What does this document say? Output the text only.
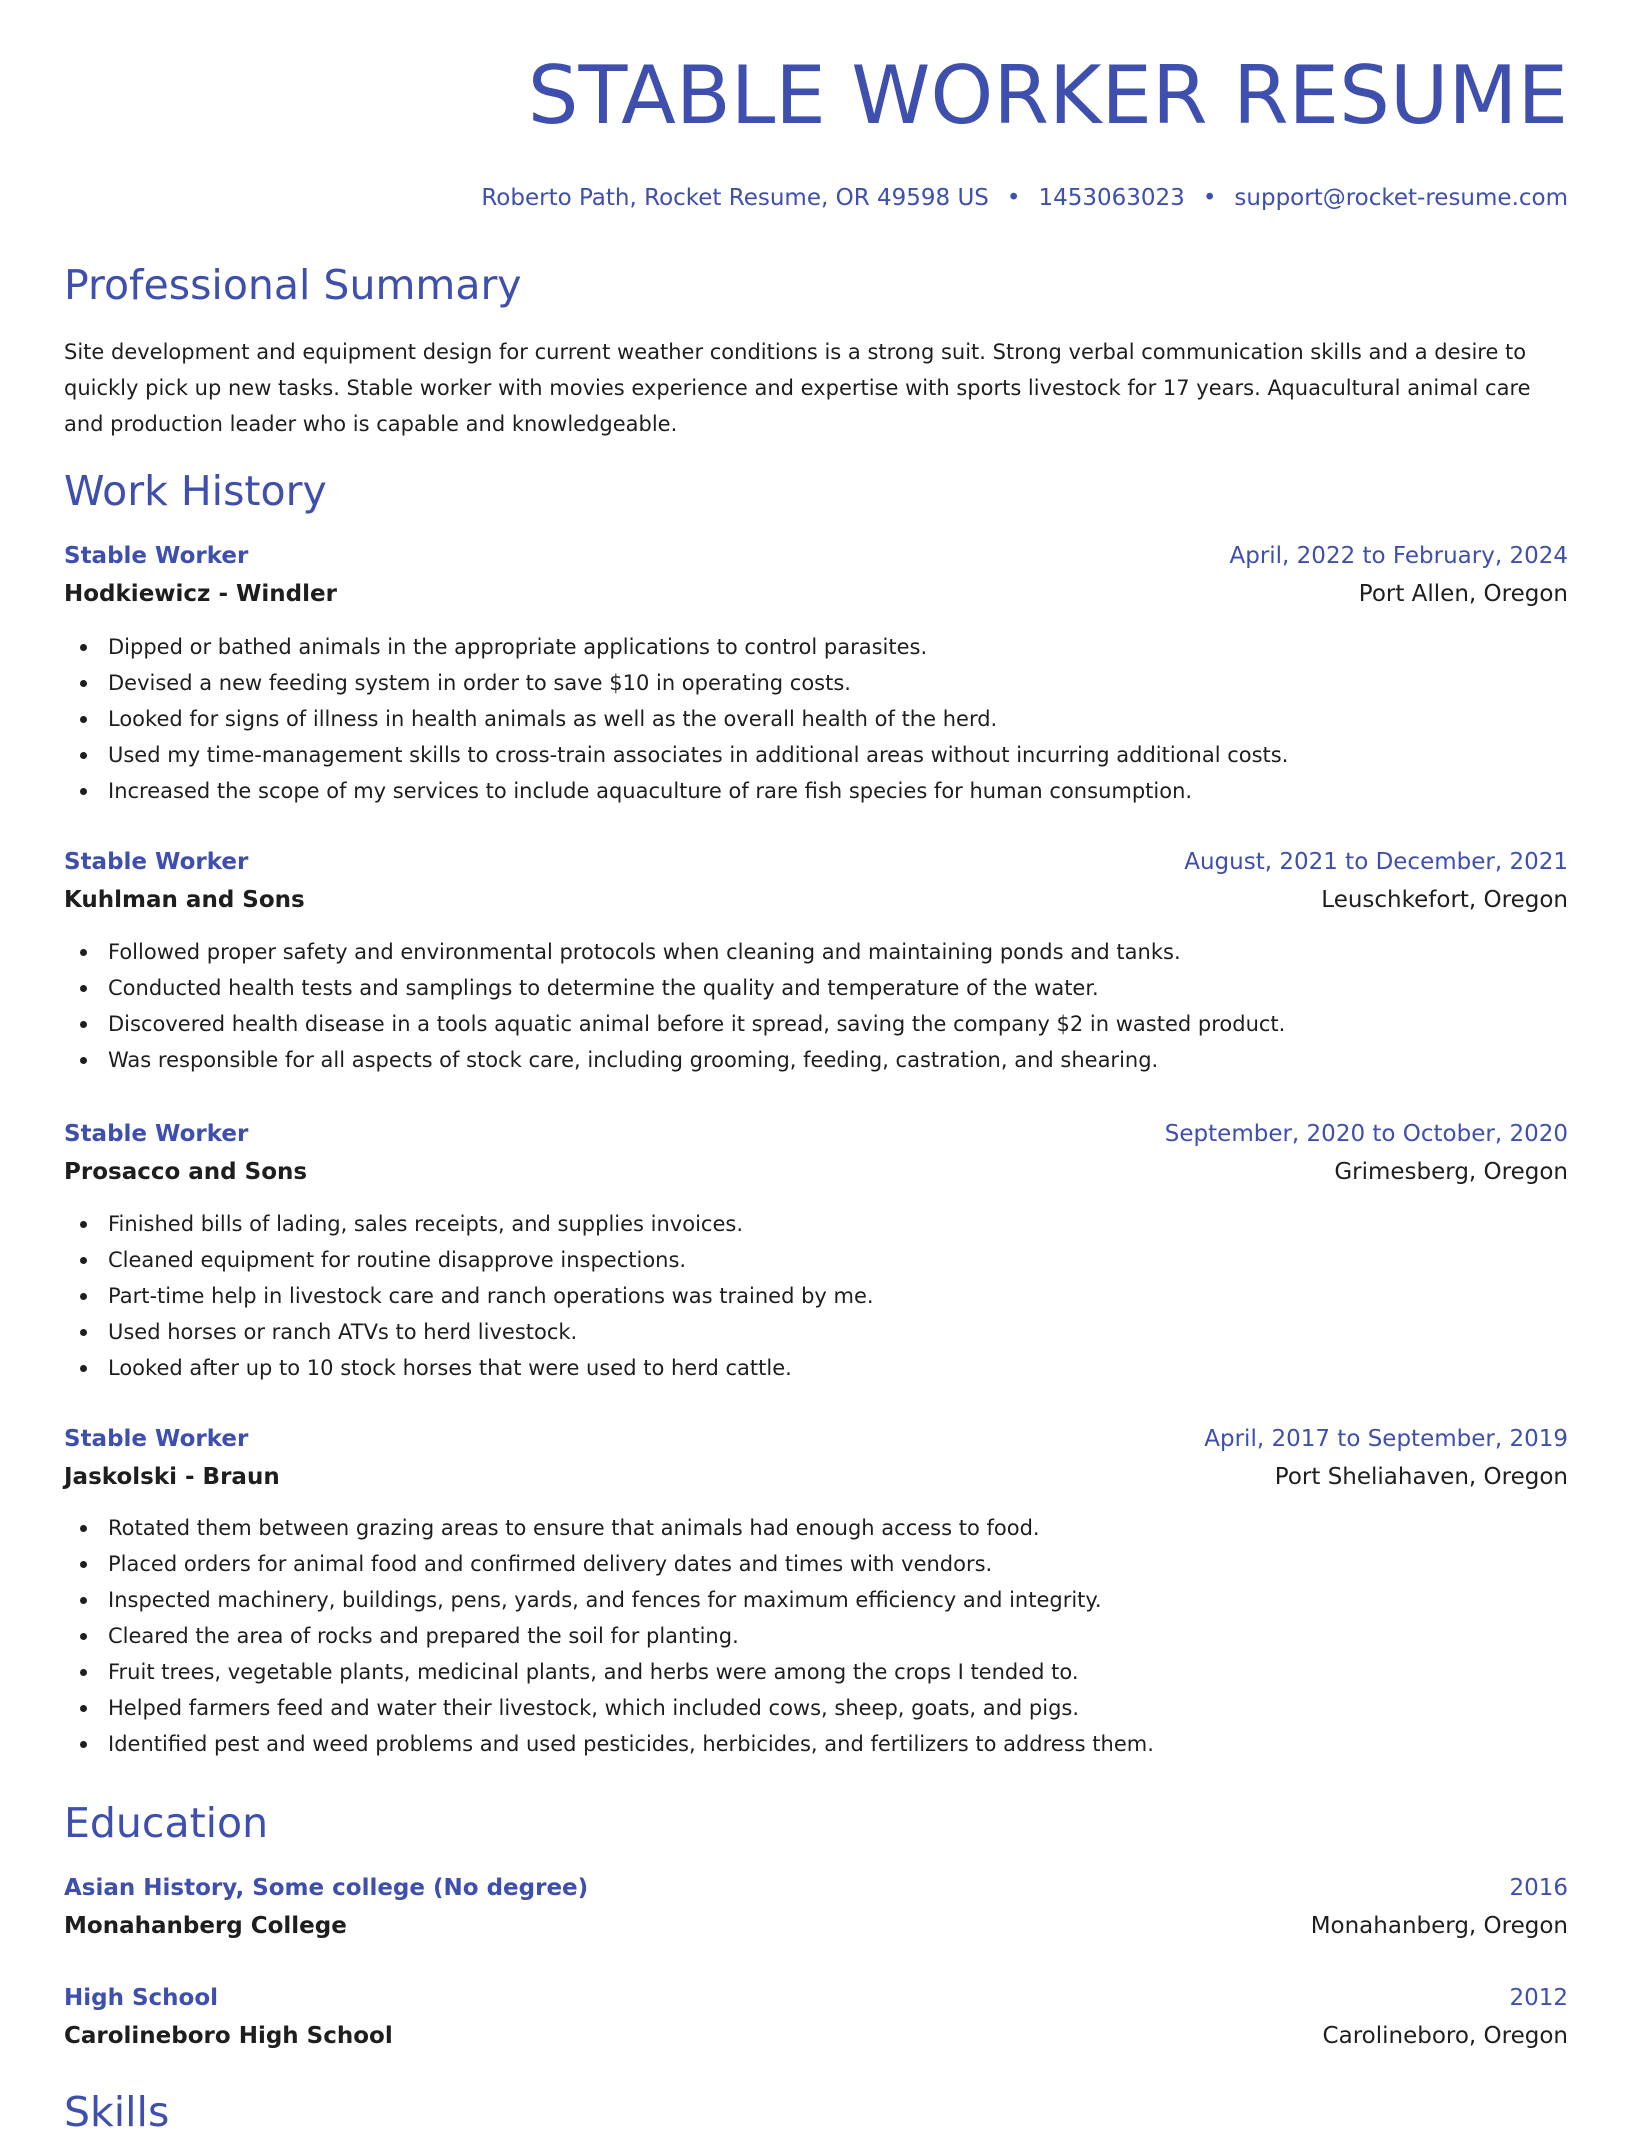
STABLE WORKER RESUME
Roberto Path, Rocket Resume, OR 49598 US • 1453063023 • support@rocket-resume.com
Professional Summary

Site development and equipment design for current weather conditions is a strong suit. Strong verbal communication skills and a desire to quickly pick up new tasks. Stable worker with movies experience and expertise with sports livestock for 17 years. Aquacultural animal care and production leader who is capable and knowledgeable.

Work History
Stable Worker	April, 2022 to February, 2024
Hodkiewicz - Windler	Port Allen, Oregon
Dipped or bathed animals in the appropriate applications to control parasites.
Devised a new feeding system in order to save $10 in operating costs.
Looked for signs of illness in health animals as well as the overall health of the herd.
Used my time-management skills to cross-train associates in additional areas without incurring additional costs.
Increased the scope of my services to include aquaculture of rare fish species for human consumption.
Stable Worker	August, 2021 to December, 2021
Kuhlman and Sons	Leuschkefort, Oregon
Followed proper safety and environmental protocols when cleaning and maintaining ponds and tanks.
Conducted health tests and samplings to determine the quality and temperature of the water.
Discovered health disease in a tools aquatic animal before it spread, saving the company $2 in wasted product.
Was responsible for all aspects of stock care, including grooming, feeding, castration, and shearing.
Stable Worker	September, 2020 to October, 2020
Prosacco and Sons	Grimesberg, Oregon
Finished bills of lading, sales receipts, and supplies invoices.
Cleaned equipment for routine disapprove inspections.
Part-time help in livestock care and ranch operations was trained by me.
Used horses or ranch ATVs to herd livestock.
Looked after up to 10 stock horses that were used to herd cattle.
Stable Worker	April, 2017 to September, 2019
Jaskolski - Braun	Port Sheliahaven, Oregon
Rotated them between grazing areas to ensure that animals had enough access to food.
Placed orders for animal food and confirmed delivery dates and times with vendors.
Inspected machinery, buildings, pens, yards, and fences for maximum efficiency and integrity.
Cleared the area of rocks and prepared the soil for planting.
Fruit trees, vegetable plants, medicinal plants, and herbs were among the crops I tended to.
Helped farmers feed and water their livestock, which included cows, sheep, goats, and pigs.
Identified pest and weed problems and used pesticides, herbicides, and fertilizers to address them.
Education
Asian History, Some college (No degree)	2016
Monahanberg College	Monahanberg, Oregon
High School	2012
Carolineboro High School	Carolineboro, Oregon
Skills
